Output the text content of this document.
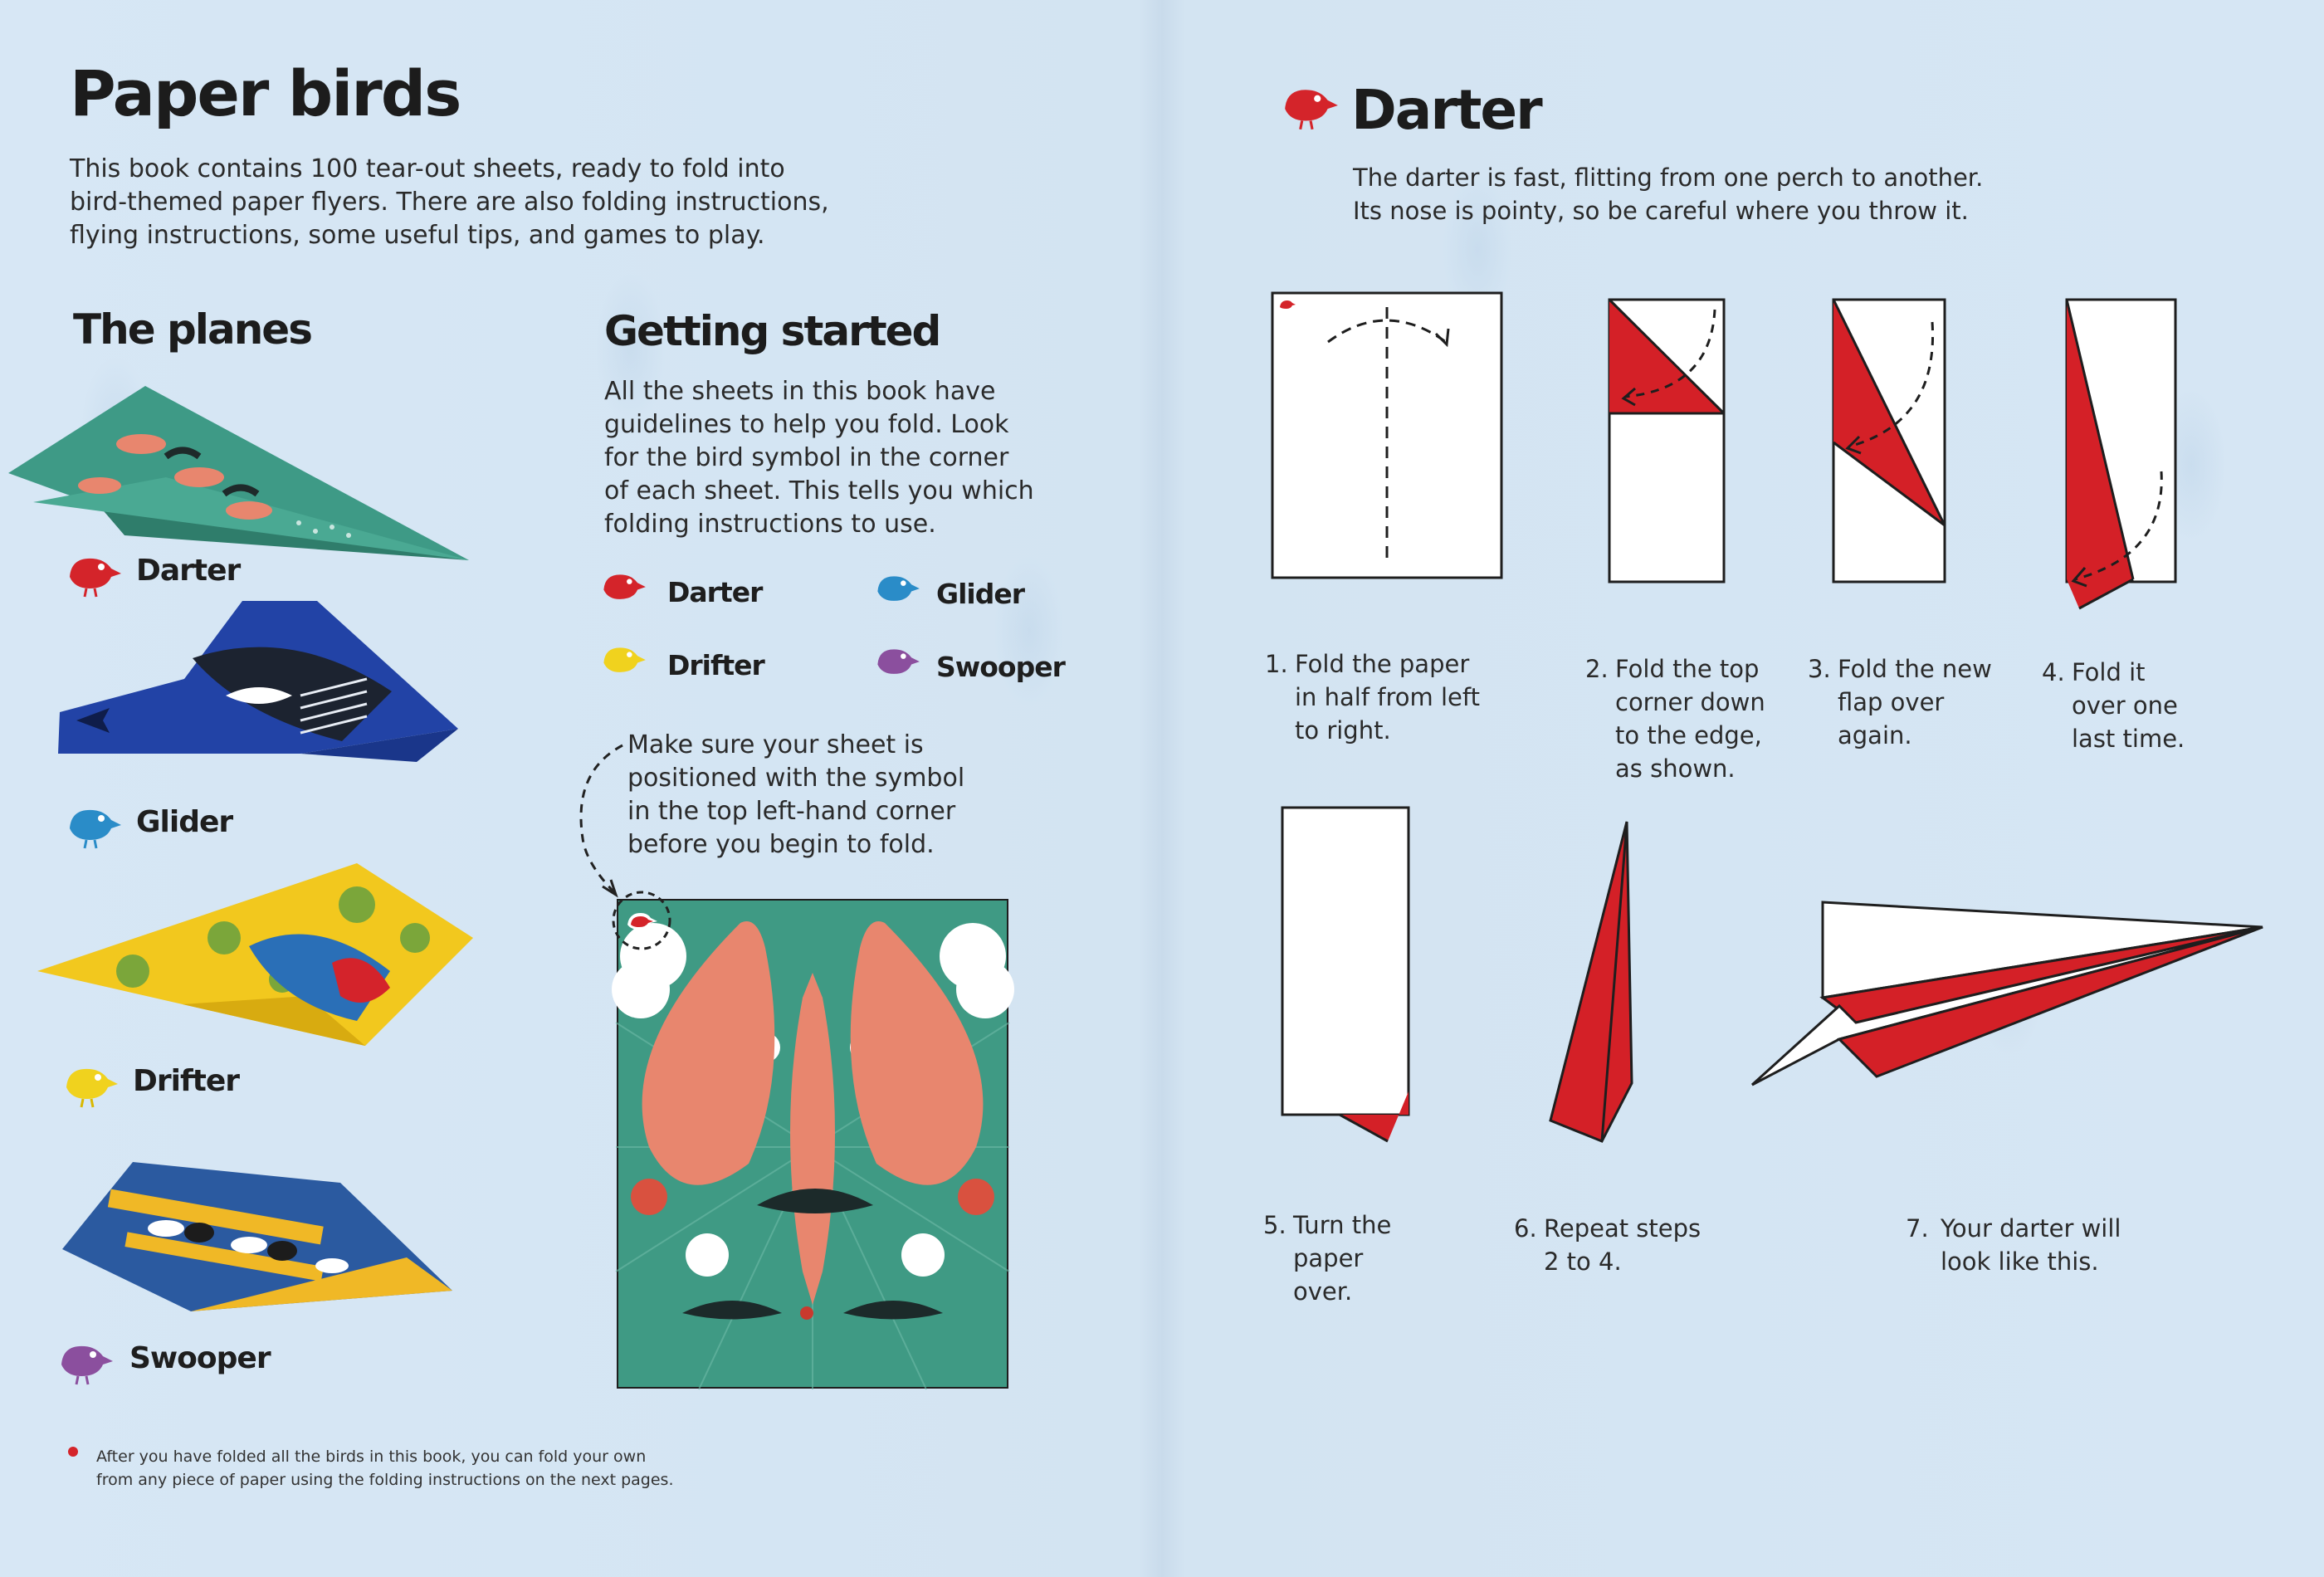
Paper birds
This book contains 100 tear-out sheets, ready to fold into
bird-themed paper flyers. There are also folding instructions,
flying instructions, some useful tips, and games to play.
The planes
Darter
Glider
Drifter
Swooper
Getting started
All the sheets in this book have
guidelines to help you fold. Look
for the bird symbol in the corner
of each sheet. This tells you which
folding instructions to use.
Darter	Glider
Drifter	Swooper
Make sure your sheet is
positioned with the symbol
in the top left-hand corner
before you begin to fold.
After you have folded all the birds in this book, you can fold your own
from any piece of paper using the folding instructions on the next pages.
Darter
The darter is fast, flitting from one perch to another.
Its nose is pointy, so be careful where you throw it.
1. Fold the paper
in half from left
to right.
2. Fold the top
corner down
to the edge,
as shown.
3. Fold the new
flap over
again.
4. Fold it
over one
last time.
5. Turn the
paper
over.
6. Repeat steps
2 to 4.
7. Your darter will
look like this.
